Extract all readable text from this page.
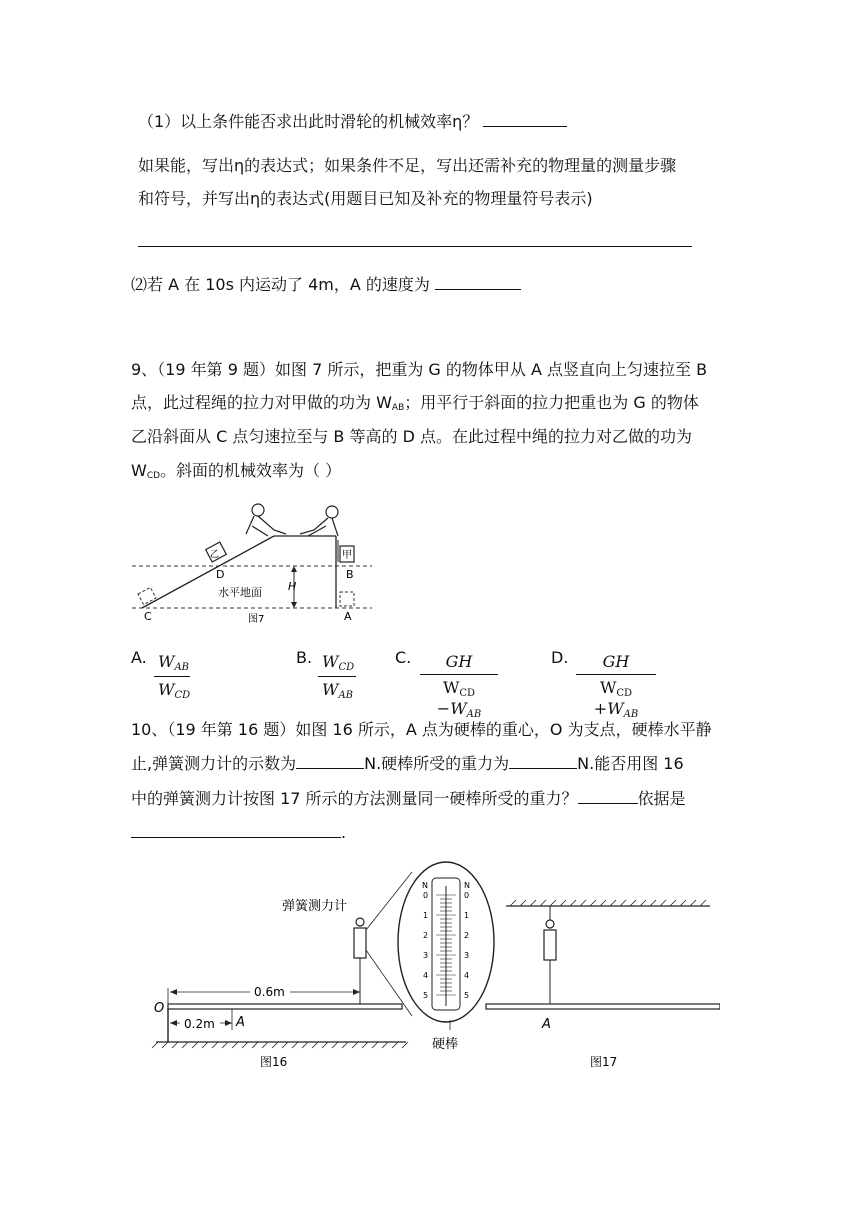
（1）以上条件能否求出此时滑轮的机械效率η？
如果能，写出η的表达式；如果条件不足，写出还需补充的物理量的测量步骤
和符号，并写出η的表达式(用题目已知及补充的物理量符号表示)
⑵若 A 在 10s 内运动了 4m，A 的速度为
9、（19 年第 9 题）如图 7 所示，把重为 G 的物体甲从 A 点竖直向上匀速拉至 B
点，此过程绳的拉力对甲做的功为 $W_{AB}$；用平行于斜面的拉力把重也为 G 的物体
乙沿斜面从 C 点匀速拉至与 B 等高的 D 点。在此过程中绳的拉力对乙做的功为
$W_{CD}$。斜面的机械效率为（ ）
乙	甲
H
D	B
C	A
水平地面
图7
A. WAB
WCD
B. WCD
WAB
C.	GH
WCD −WAB
D.	GH
WCD +WAB
10、（19 年第 16 题）如图 16 所示，A 点为硬棒的重心，O 为支点，硬棒水平静
止,弹簧测力计的示数为	N.硬棒所受的重力为	N.能否用图 16
中的弹簧测力计按图 17 所示的方法测量同一硬棒所受的重力？	依据是
.
O
0.6m
0.2m A
弹簧测力计
N	N
0
1
2
3
4
5
0
1
2
3
4
5
硬棒
图16
A
图17
